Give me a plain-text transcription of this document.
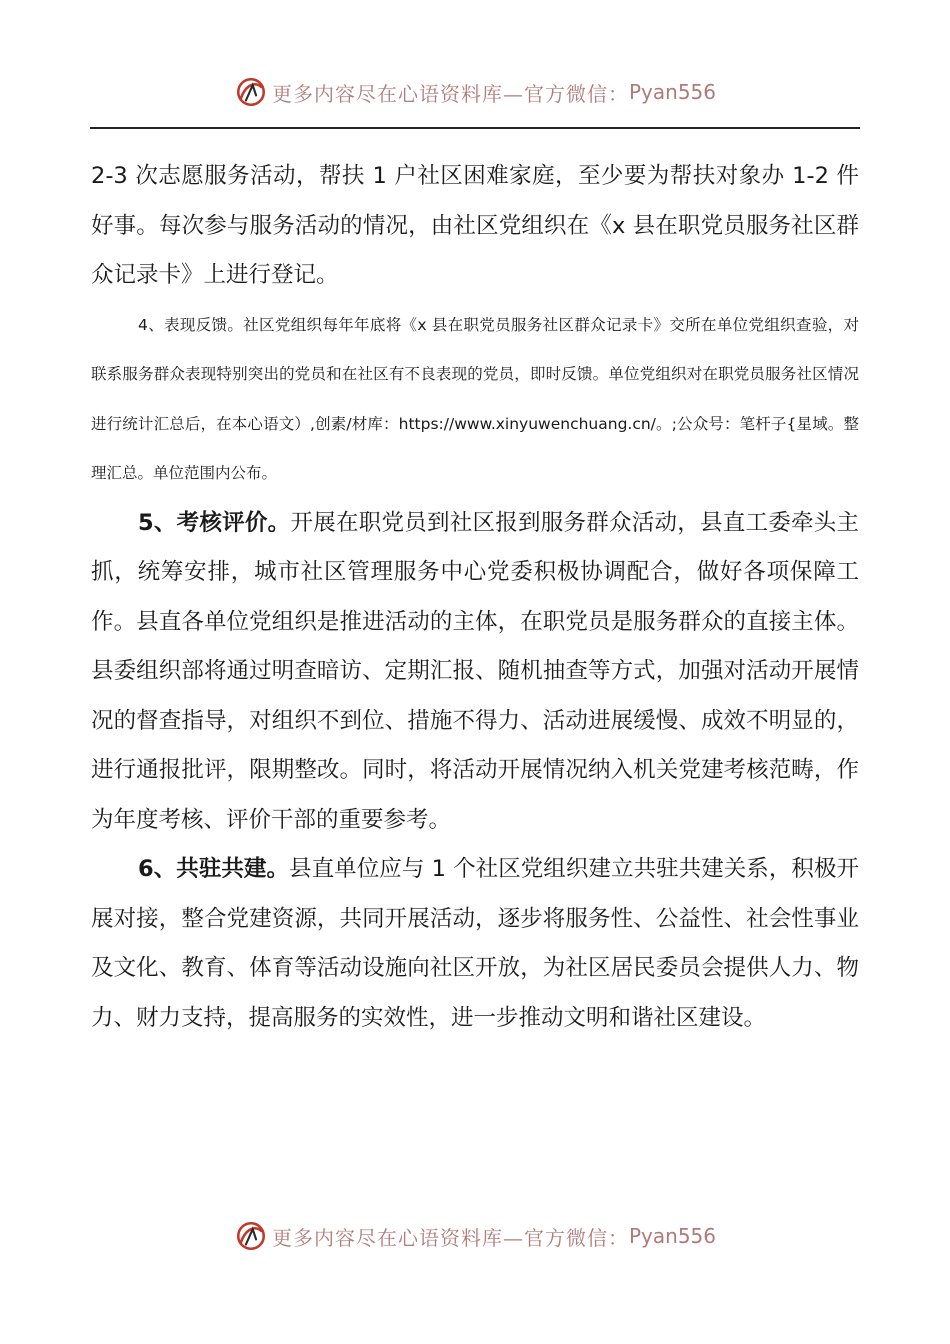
更多内容尽在心语资料库—官方微信： Pyan556

2-3 次志愿服务活动，帮扶 1 户社区困难家庭，至少要为帮扶对象办 1-2 件好事。每次参与服务活动的情况，由社区党组织在《x 县在职党员服务社区群众记录卡》上进行登记。

4、表现反馈。社区党组织每年年底将《x 县在职党员服务社区群众记录卡》交所在单位党组织查验，对联系服务群众表现特别突出的党员和在社区有不良表现的党员，即时反馈。单位党组织对在职党员服务社区情况进行统计汇总后，在本心语文）,创素/材库：https://www.xinyuwenchuang.cn/。;公众号：笔杆子{星域。整理汇总。单位范围内公布。

5、考核评价。开展在职党员到社区报到服务群众活动，县直工委牵头主抓，统筹安排，城市社区管理服务中心党委积极协调配合，做好各项保障工作。县直各单位党组织是推进活动的主体，在职党员是服务群众的直接主体。县委组织部将通过明查暗访、定期汇报、随机抽查等方式，加强对活动开展情况的督查指导，对组织不到位、措施不得力、活动进展缓慢、成效不明显的，进行通报批评，限期整改。同时，将活动开展情况纳入机关党建考核范畴，作为年度考核、评价干部的重要参考。

6、共驻共建。县直单位应与 1 个社区党组织建立共驻共建关系，积极开展对接，整合党建资源，共同开展活动，逐步将服务性、公益性、社会性事业及文化、教育、体育等活动设施向社区开放，为社区居民委员会提供人力、物力、财力支持，提高服务的实效性，进一步推动文明和谐社区建设。

更多内容尽在心语资料库—官方微信： Pyan556
